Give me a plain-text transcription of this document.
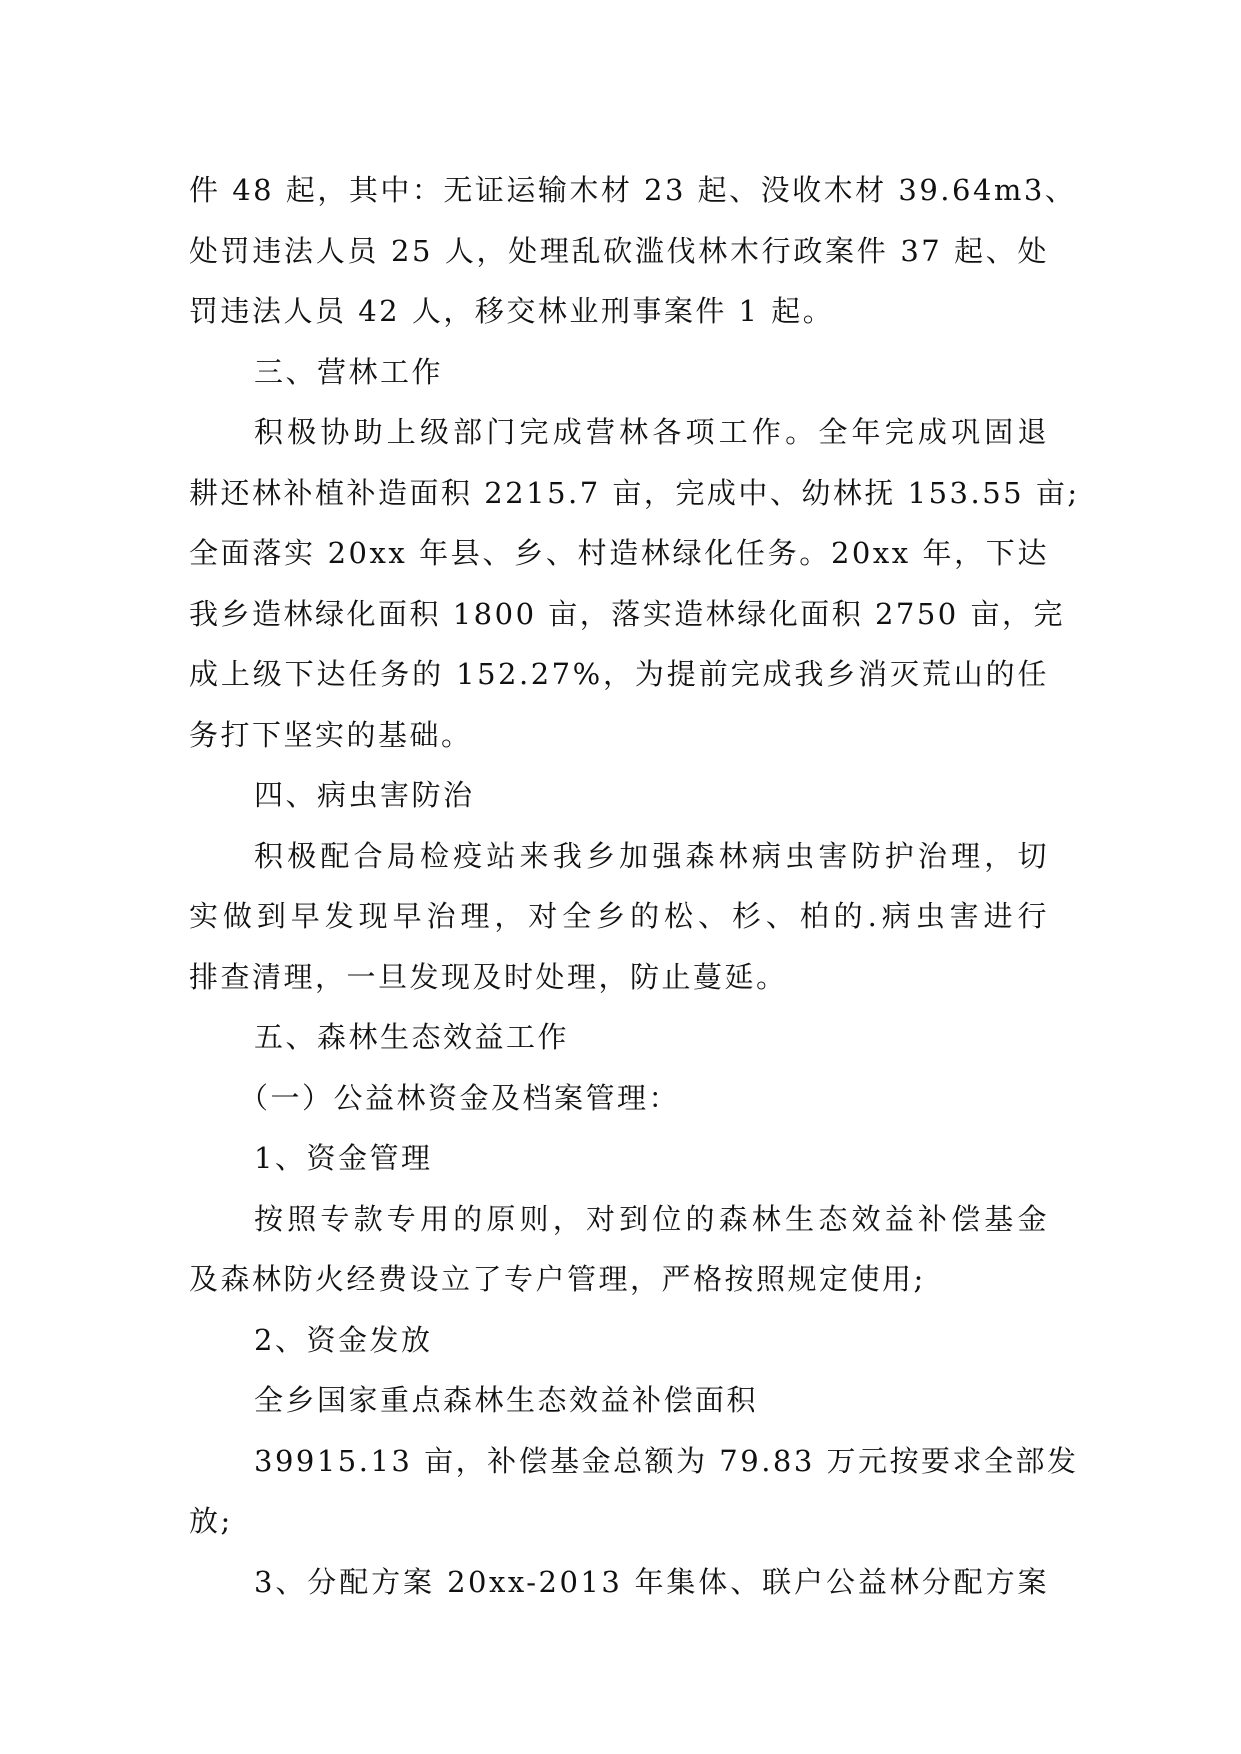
件 48 起，其中：无证运输木材 23 起、没收木材 39.64m3、
处罚违法人员 25 人，处理乱砍滥伐林木行政案件 37 起、处
罚违法人员 42 人，移交林业刑事案件 1 起。
三、营林工作
积极协助上级部门完成营林各项工作。全年完成巩固退
耕还林补植补造面积 2215.7 亩，完成中、幼林抚 153.55 亩;
全面落实 20xx 年县、乡、村造林绿化任务。20xx 年，下达
我乡造林绿化面积 1800 亩，落实造林绿化面积 2750 亩，完
成上级下达任务的 152.27%，为提前完成我乡消灭荒山的任
务打下坚实的基础。
四、病虫害防治
积极配合局检疫站来我乡加强森林病虫害防护治理，切
实做到早发现早治理，对全乡的松、杉、柏的.病虫害进行
排查清理，一旦发现及时处理，防止蔓延。
五、森林生态效益工作
（一）公益林资金及档案管理：
1、资金管理
按照专款专用的原则，对到位的森林生态效益补偿基金
及森林防火经费设立了专户管理，严格按照规定使用;
2、资金发放
全乡国家重点森林生态效益补偿面积
39915.13 亩，补偿基金总额为 79.83 万元按要求全部发
放;
3、分配方案 20xx-2013 年集体、联户公益林分配方案
